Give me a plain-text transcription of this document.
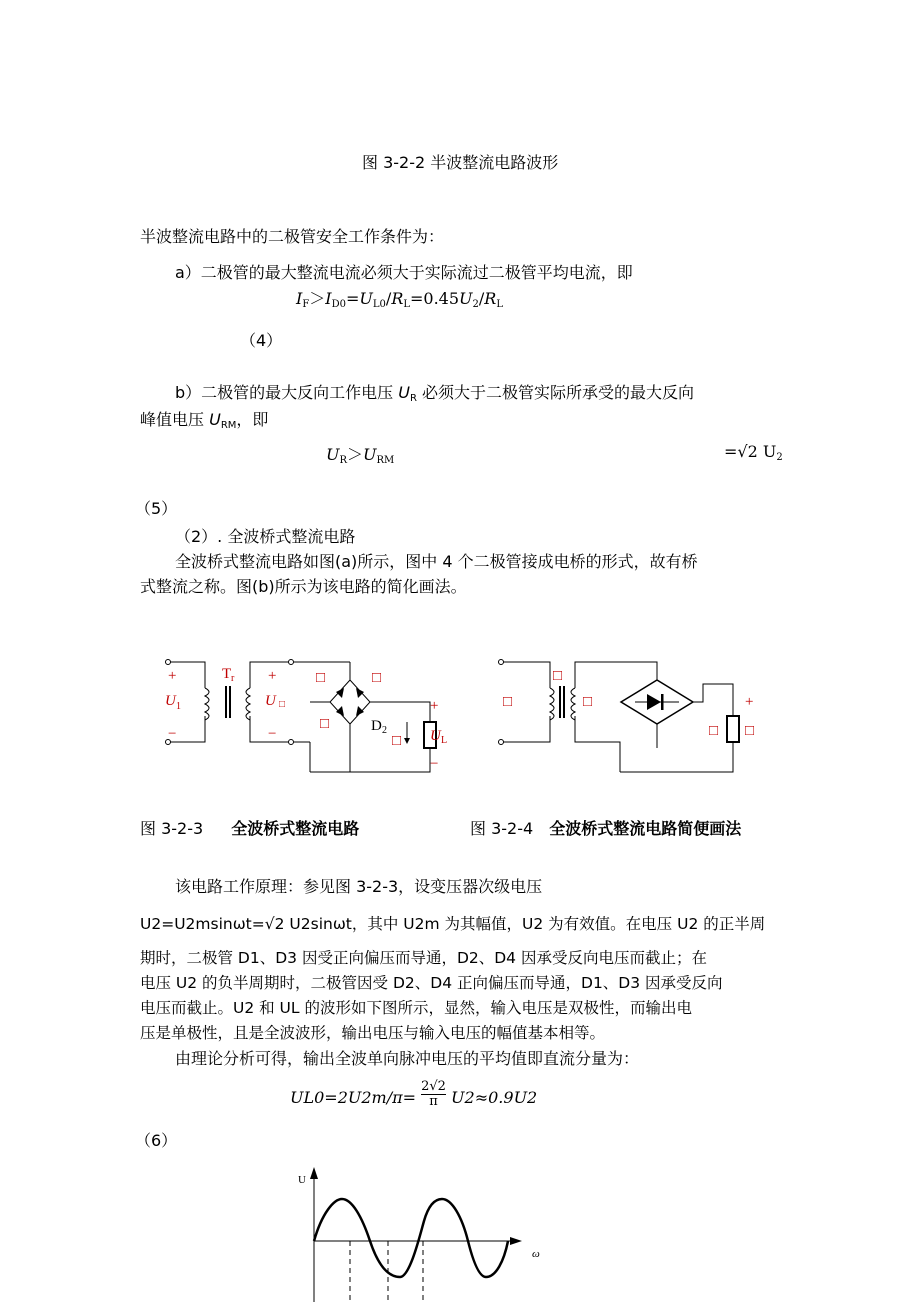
图 3-2-2 半波整流电路波形
半波整流电路中的二极管安全工作条件为：
a）二极管的最大整流电流必须大于实际流过二极管平均电流，即
$I_F>I_{D0}=U_{L0}/R_L=0.45U_2/R_L$
（4）
b）二极管的最大反向工作电压 $U_R$ 必须大于二极管实际所承受的最大反向
峰值电压 $U_{RM}$，即
$U_R>U_{RM}$	=√2 $U_2$
（5）
（2）. 全波桥式整流电路
全波桥式整流电路如图(a)所示，图中 4 个二极管接成电桥的形式，故有桥
式整流之称。图(b)所示为该电路的简化画法。
+
U 1
−
T r +
U □
−
□	□
□	D 2
□
+
U L
−
□
□
□
□ □
+
图 3-2-3 全波桥式整流电路	图 3-2-4 全波桥式整流电路简便画法
该电路工作原理：参见图 3-2-3，设变压器次级电压
U2=U2msinωt=√2 U2sinωt，其中 U2m 为其幅值，U2 为有效值。在电压 U2 的正半周
期时，二极管 D1、D3 因受正向偏压而导通，D2、D4 因承受反向电压而截止；在
电压 U2 的负半周期时，二极管因受 D2、D4 正向偏压而导通，D1、D3 因承受反向
电压而截止。U2 和 UL 的波形如下图所示，显然，输入电压是双极性，而输出电
压是单极性，且是全波波形，输出电压与输入电压的幅值基本相等。
由理论分析可得，输出全波单向脉冲电压的平均值即直流分量为：
$UL0=2U2m/\pi= \frac{2√2}{\pi} U2\approx 0.9U2$
（6）
U
ω
